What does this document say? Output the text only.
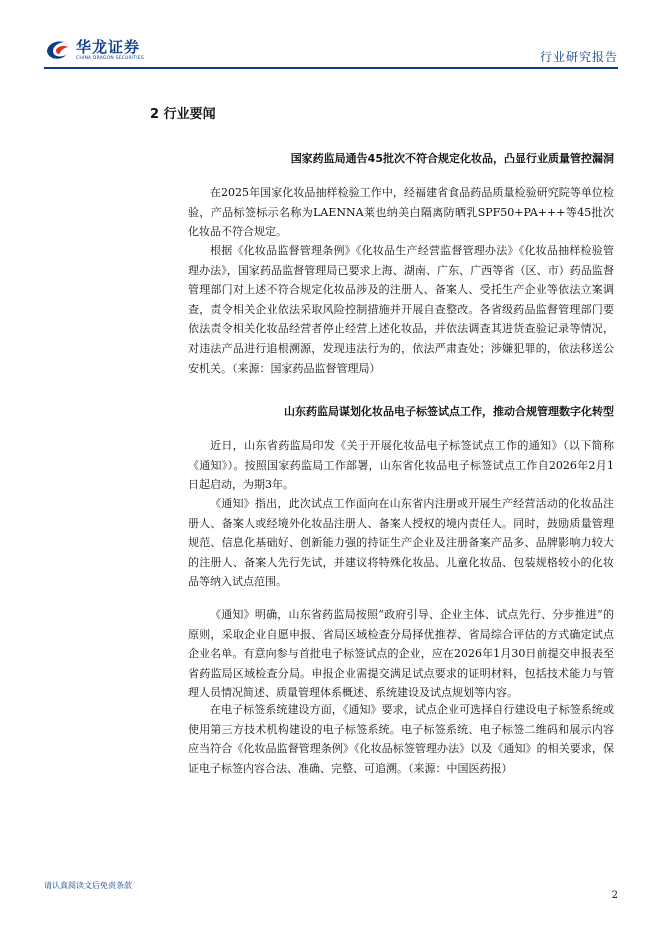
华龙证券
CHINA DRAGON SECURITIES	行业研究报告
2 行业要闻
国家药监局通告45批次不符合规定化妆品，凸显行业质量管控漏洞

在2025年国家化妆品抽样检验工作中，经福建省食品药品质量检验研究院等单位检验，产品标签标示名称为LAENNA莱也纳美白隔离防晒乳SPF50+PA+++等45批次化妆品不符合规定。

根据《化妆品监督管理条例》《化妆品生产经营监督管理办法》《化妆品抽样检验管理办法》，国家药品监督管理局已要求上海、湖南、广东、广西等省（区、市）药品监督管理部门对上述不符合规定化妆品涉及的注册人、备案人、受托生产企业等依法立案调查，责令相关企业依法采取风险控制措施并开展自查整改。各省级药品监督管理部门要依法责令相关化妆品经营者停止经营上述化妆品，并依法调查其进货查验记录等情况，对违法产品进行追根溯源，发现违法行为的，依法严肃查处；涉嫌犯罪的，依法移送公安机关。（来源：国家药品监督管理局）

山东药监局谋划化妆品电子标签试点工作，推动合规管理数字化转型

近日，山东省药监局印发《关于开展化妆品电子标签试点工作的通知》（以下简称《通知》）。按照国家药监局工作部署，山东省化妆品电子标签试点工作自2026年2月1日起启动，为期3年。

《通知》指出，此次试点工作面向在山东省内注册或开展生产经营活动的化妆品注册人、备案人或经境外化妆品注册人、备案人授权的境内责任人。同时，鼓励质量管理规范、信息化基础好、创新能力强的持证生产企业及注册备案产品多、品牌影响力较大的注册人、备案人先行先试，并建议将特殊化妆品、儿童化妆品、包装规格较小的化妆品等纳入试点范围。

《通知》明确，山东省药监局按照“政府引导、企业主体、试点先行、分步推进”的原则，采取企业自愿申报、省局区域检查分局择优推荐、省局综合评估的方式确定试点企业名单。有意向参与首批电子标签试点的企业，应在2026年1月30日前提交申报表至省药监局区域检查分局。申报企业需提交满足试点要求的证明材料，包括技术能力与管理人员情况简述、质量管理体系概述、系统建设及试点规划等内容。

在电子标签系统建设方面，《通知》要求，试点企业可选择自行建设电子标签系统或使用第三方技术机构建设的电子标签系统。电子标签系统、电子标签二维码和展示内容应当符合《化妆品监督管理条例》《化妆品标签管理办法》以及《通知》的相关要求，保证电子标签内容合法、准确、完整、可追溯。（来源：中国医药报）

请认真阅读文后免责条款
2
